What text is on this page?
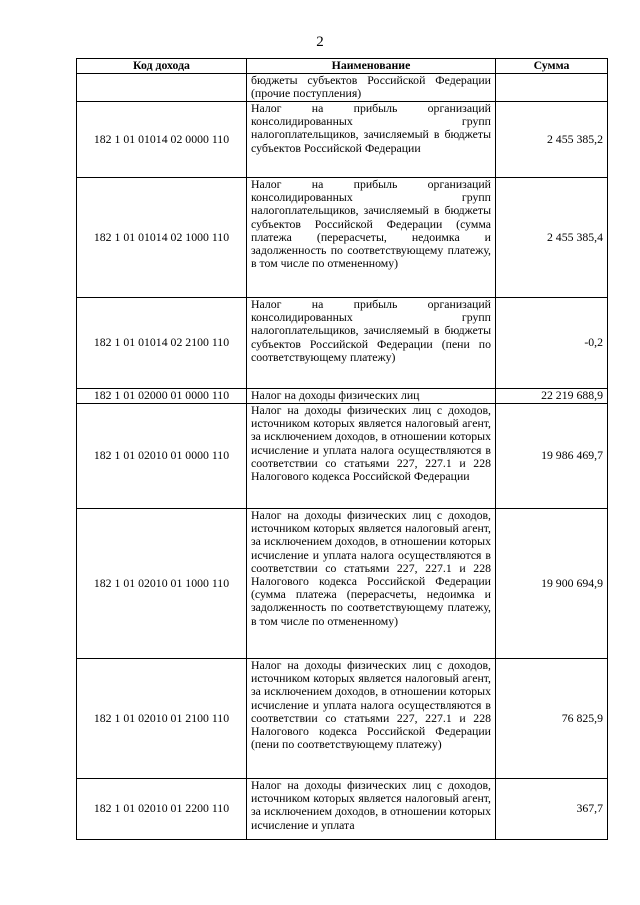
2
Код дохода	Наименование	Сумма
	бюджеты субъектов Российской Федерации (прочие поступления)	
182 1 01 01014 02 0000 110	Налог на прибыль организаций консолидированных групп налогоплательщиков, зачисляемый в бюджеты субъектов Российской Федерации	2 455 385,2
182 1 01 01014 02 1000 110	Налог на прибыль организаций консолидированных групп налогоплательщиков, зачисляемый в бюджеты субъектов Российской Федерации (сумма платежа (перерасчеты, недоимка и задолженность по соответствующему платежу, в том числе по отмененному)	2 455 385,4
182 1 01 01014 02 2100 110	Налог на прибыль организаций консолидированных групп налогоплательщиков, зачисляемый в бюджеты субъектов Российской Федерации (пени по соответствующему платежу)	-0,2
182 1 01 02000 01 0000 110	Налог на доходы физических лиц	22 219 688,9
182 1 01 02010 01 0000 110	Налог на доходы физических лиц с доходов, источником которых является налоговый агент, за исключением доходов, в отношении которых исчисление и уплата налога осуществляются в соответствии со статьями 227, 227.1 и 228 Налогового кодекса Российской Федерации	19 986 469,7
182 1 01 02010 01 1000 110	Налог на доходы физических лиц с доходов, источником которых является налоговый агент, за исключением доходов, в отношении которых исчисление и уплата налога осуществляются в соответствии со статьями 227, 227.1 и 228 Налогового кодекса Российской Федерации (сумма платежа (перерасчеты, недоимка и задолженность по соответствующему платежу, в том числе по отмененному)	19 900 694,9
182 1 01 02010 01 2100 110	Налог на доходы физических лиц с доходов, источником которых является налоговый агент, за исключением доходов, в отношении которых исчисление и уплата налога осуществляются в соответствии со статьями 227, 227.1 и 228 Налогового кодекса Российской Федерации (пени по соответствующему платежу)	76 825,9
182 1 01 02010 01 2200 110	Налог на доходы физических лиц с доходов, источником которых является налоговый агент, за исключением доходов, в отношении которых исчисление и уплата	367,7
